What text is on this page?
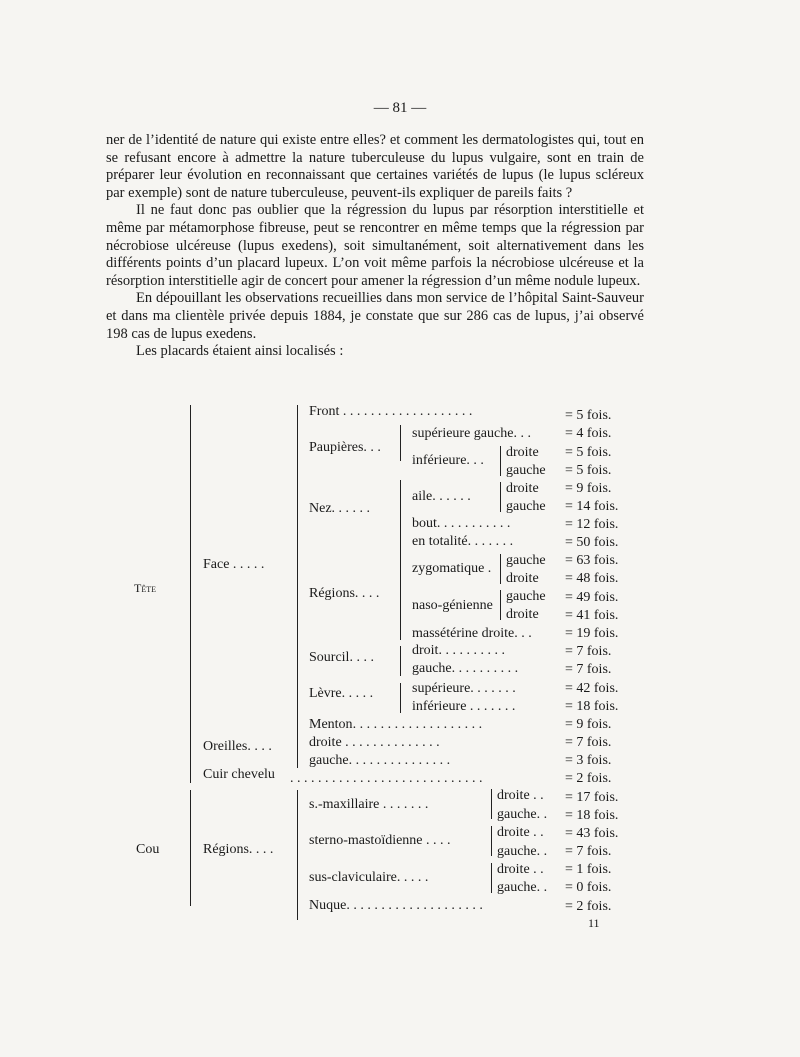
— 81 —

ner de l’identité de nature qui existe entre elles? et comment les dermatologistes qui, tout en se refusant encore à admettre la nature tuberculeuse du lupus vulgaire, sont en train de préparer leur évolution en reconnaissant que certaines variétés de lupus (le lupus scléreux par exemple) sont de nature tuberculeuse, peuvent-ils expliquer de pareils faits ?

Il ne faut donc pas oublier que la régression du lupus par résorption interstitielle et même par métamorphose fibreuse, peut se rencontrer en même temps que la régression par nécrobiose ulcéreuse (lupus exedens), soit simultanément, soit alternativement dans les différents points d’un placard lupeux. L’on voit même parfois la nécrobiose ulcéreuse et la résorption interstitielle agir de concert pour amener la régression d’un même nodule lupeux.

En dépouillant les observations recueillies dans mon service de l’hôpital Saint-Sauveur et dans ma clientèle privée depuis 1884, je constate que sur 286 cas de lupus, j’ai observé 198 cas de lupus exedens.

Les placards étaient ainsi localisés :

Tête
Cou
Face . . . . .
Oreilles. . . .
Cuir chevelu
Régions. . . .
Front . . . . . . . . . . . . . . . . . . .
Paupières. . .
Nez. . . . . .
Régions. . . .
Sourcil. . . .
Lèvre. . . . .
Menton. . . . . . . . . . . . . . . . . . .
droite . . . . . . . . . . . . . .
gauche. . . . . . . . . . . . . . .
. . . . . . . . . . . . . . . . . . . . . . . . . . . .
s.-maxillaire . . . . . . .
sterno-mastoïdienne . . . .
sus-claviculaire. . . . .
Nuque. . . . . . . . . . . . . . . . . . . .
supérieure gauche. . .
inférieure. . .
aile. . . . . .
bout. . . . . . . . . . .
en totalité. . . . . . .
zygomatique .
naso-génienne
massétérine droite. . .
droit. . . . . . . . . .
gauche. . . . . . . . . .
supérieure. . . . . . .
inférieure . . . . . . .
droite
gauche
droite
gauche
gauche
droite
gauche
droite
droite . .
gauche. .
droite . .
gauche. .
droite . .
gauche. .
= 5 fois.
= 4 fois.
= 5 fois.
= 5 fois.
= 9 fois.
= 14 fois.
= 12 fois.
= 50 fois.
= 63 fois.
= 48 fois.
= 49 fois.
= 41 fois.
= 19 fois.
= 7 fois.
= 7 fois.
= 42 fois.
= 18 fois.
= 9 fois.
= 7 fois.
= 3 fois.
= 2 fois.
= 17 fois.
= 18 fois.
= 43 fois.
= 7 fois.
= 1 fois.
= 0 fois.
= 2 fois.
11
